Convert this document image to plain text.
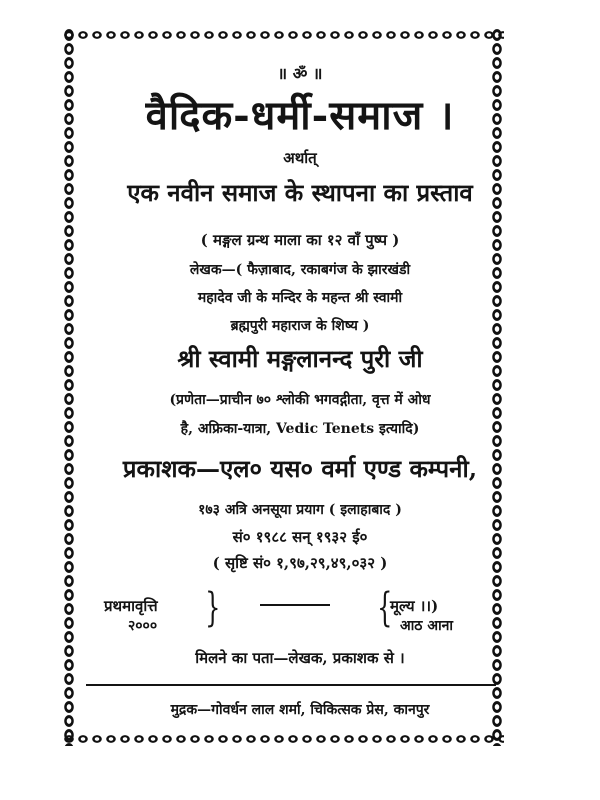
॥ ॐ ॥
वैदिक-धर्मी-समाज ।
अर्थात्
एक नवीन समाज के स्थापना का प्रस्ताव
( मङ्गल ग्रन्थ माला का १२ वाँ पुष्प )
लेखक—( फैज़ाबाद, रकाबगंज के झारखंडी
महादेव जी के मन्दिर के महन्त श्री स्वामी
ब्रह्मपुरी महाराज के शिष्य )
श्री स्वामी मङ्गलानन्द पुरी जी
(प्रणेता—प्राचीन ७० श्लोकी भगवद्गीता, वृत्त में ओध
है, अफ्रिका-यात्रा, Vedic Tenets इत्यादि)
प्रकाशक—एल० यस० वर्मा एण्ड कम्पनी,
१७३ अत्रि अनसूया प्रयाग ( इलाहाबाद )
सं० १९८८ सन् १९३२ ई०
( सृष्टि सं० १,९७,२९,४९,०३२ )
प्रथमावृत्ति
२००० }	{
मूल्य ।।)
आठ आना
मिलने का पता—लेखक, प्रकाशक से ।
मुद्रक—गोवर्धन लाल शर्मा, चिकित्सक प्रेस, कानपुर
